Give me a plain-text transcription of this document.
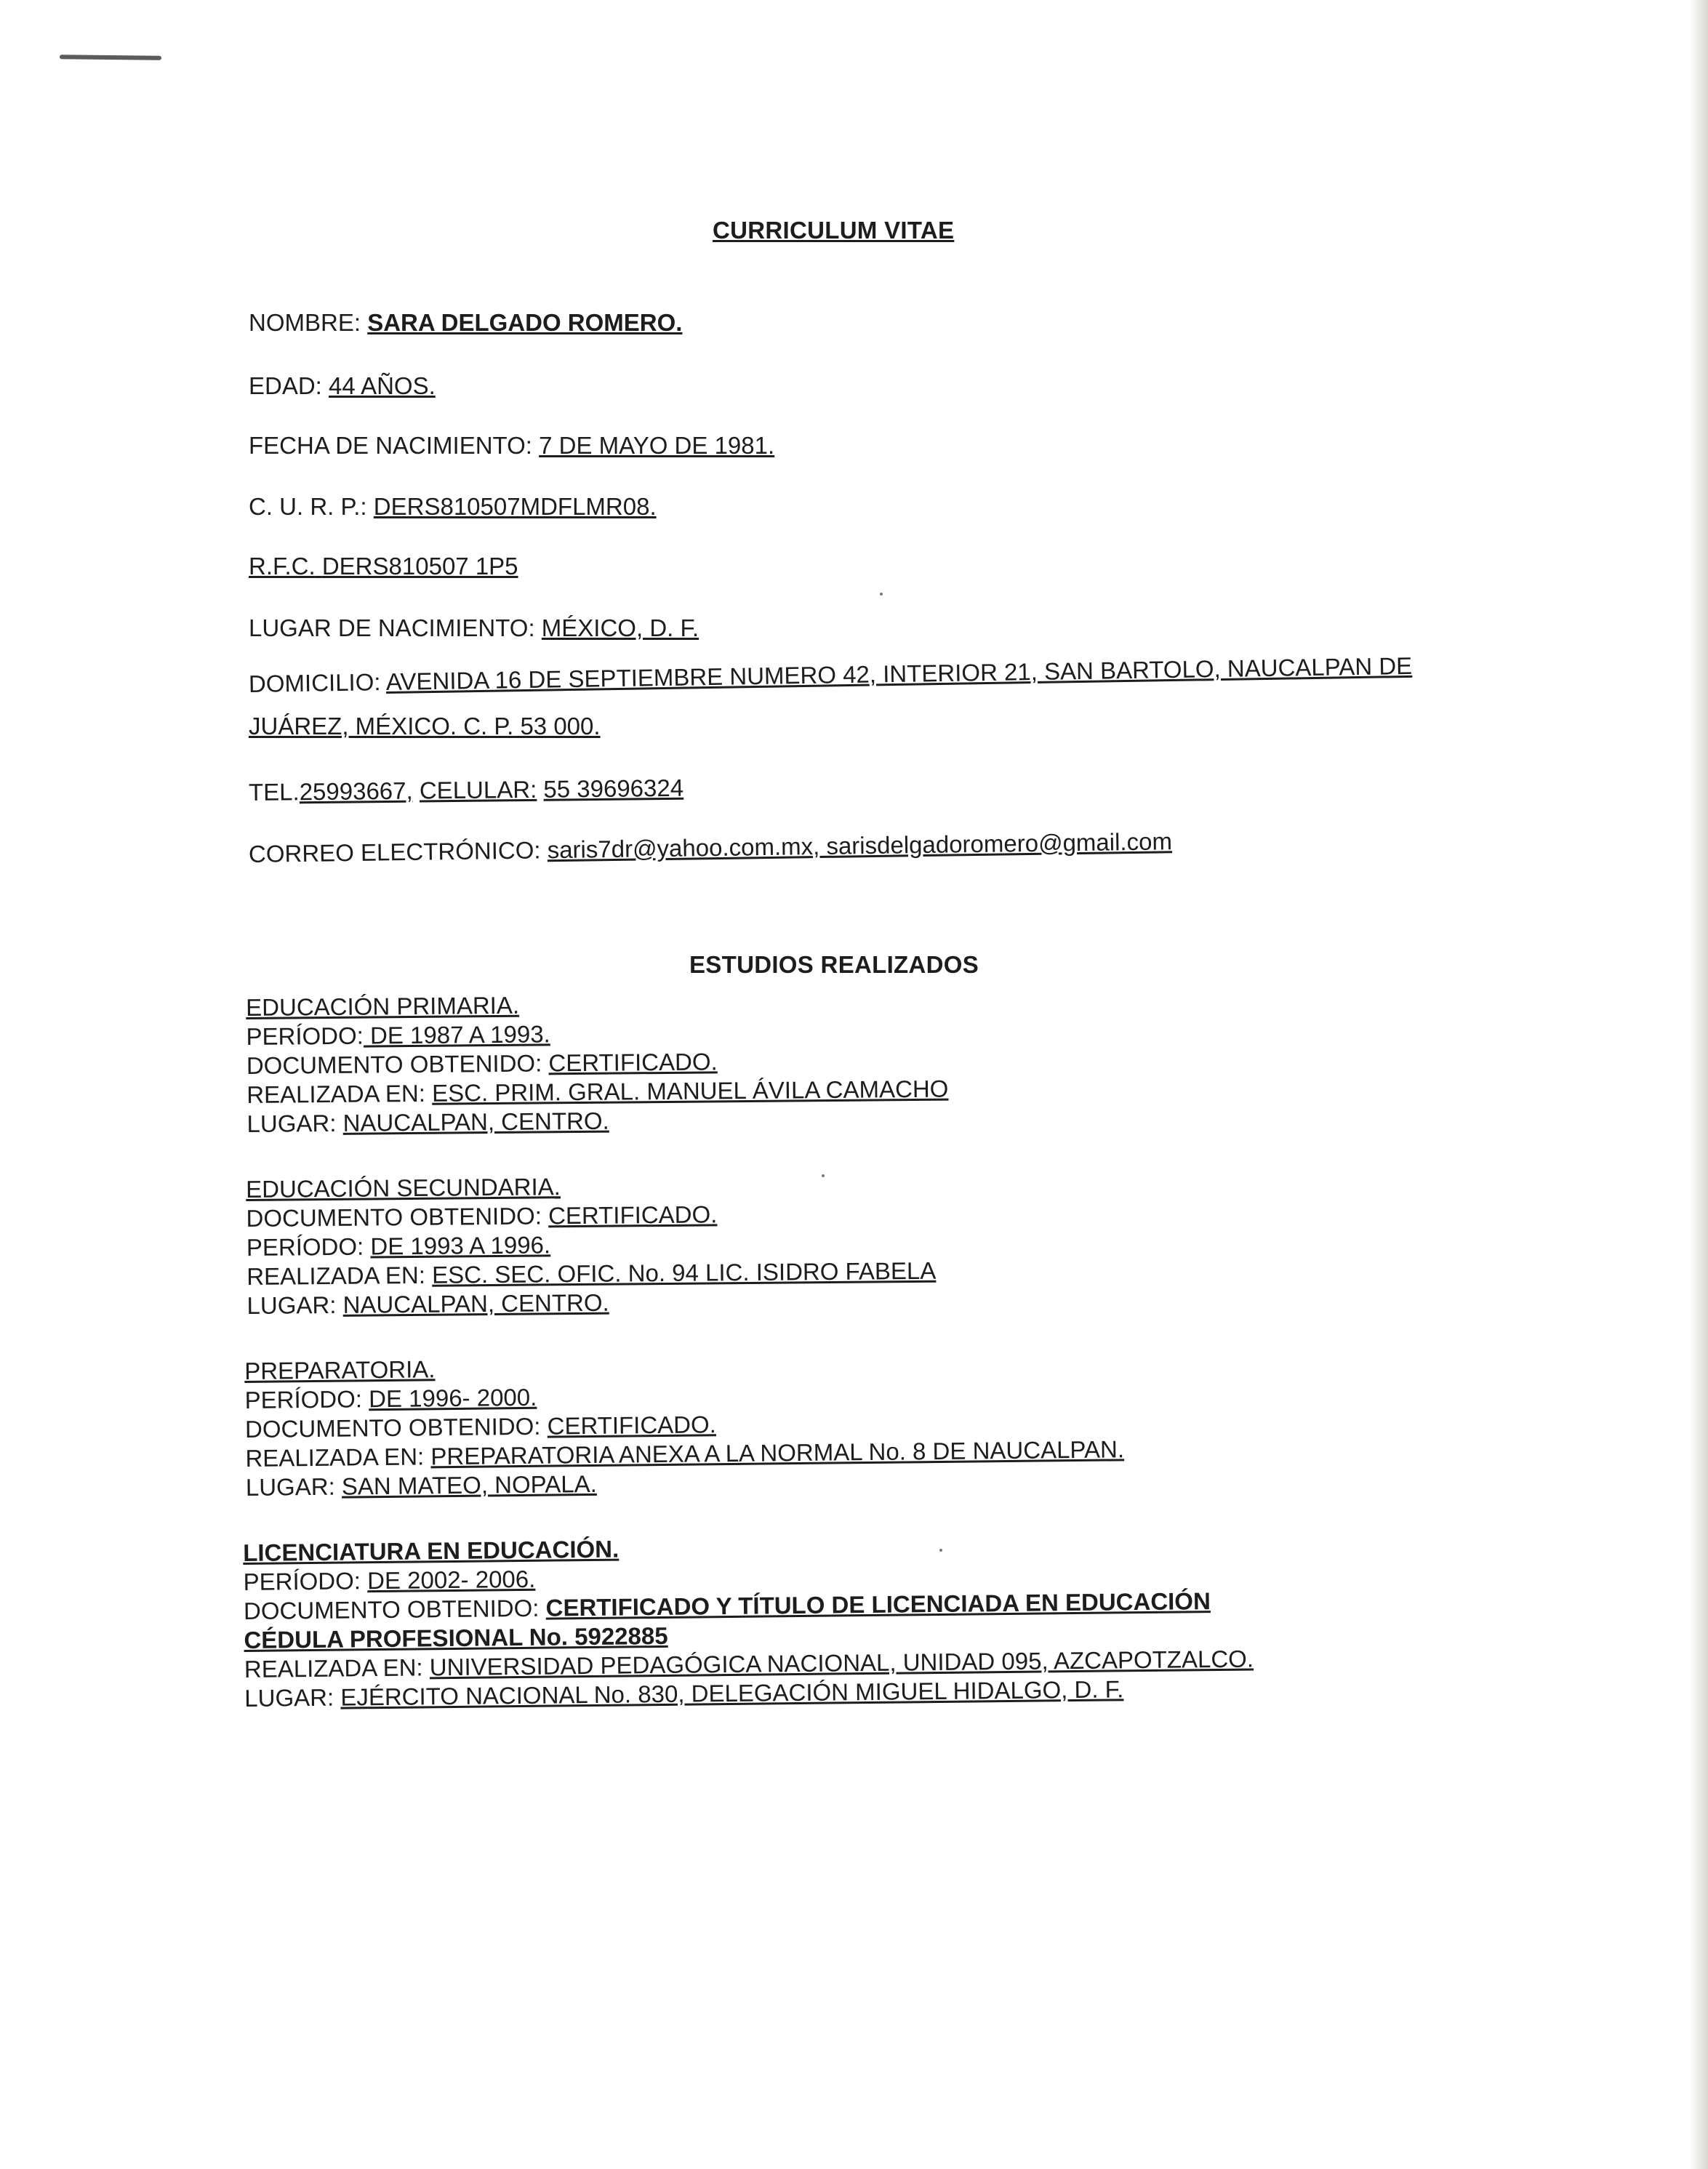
CURRICULUM VITAE
NOMBRE: SARA DELGADO ROMERO.
EDAD: 44 AÑOS.
FECHA DE NACIMIENTO: 7 DE MAYO DE 1981.
C. U. R. P.: DERS810507MDFLMR08.
R.F.C. DERS810507 1P5
LUGAR DE NACIMIENTO: MÉXICO, D. F.
DOMICILIO: AVENIDA 16 DE SEPTIEMBRE NUMERO 42, INTERIOR 21, SAN BARTOLO, NAUCALPAN DE
JUÁREZ, MÉXICO. C. P. 53 000.
TEL.25993667, CELULAR: 55 39696324
CORREO ELECTRÓNICO: saris7dr@yahoo.com.mx, sarisdelgadoromero@gmail.com
ESTUDIOS REALIZADOS
EDUCACIÓN PRIMARIA.
PERÍODO: DE 1987 A 1993.
DOCUMENTO OBTENIDO: CERTIFICADO.
REALIZADA EN: ESC. PRIM. GRAL. MANUEL ÁVILA CAMACHO
LUGAR: NAUCALPAN, CENTRO.
EDUCACIÓN SECUNDARIA.
DOCUMENTO OBTENIDO: CERTIFICADO.
PERÍODO: DE 1993 A 1996.
REALIZADA EN: ESC. SEC. OFIC. No. 94 LIC. ISIDRO FABELA
LUGAR: NAUCALPAN, CENTRO.
PREPARATORIA.
PERÍODO: DE 1996- 2000.
DOCUMENTO OBTENIDO: CERTIFICADO.
REALIZADA EN: PREPARATORIA ANEXA A LA NORMAL No. 8 DE NAUCALPAN.
LUGAR: SAN MATEO, NOPALA.
LICENCIATURA EN EDUCACIÓN.
PERÍODO: DE 2002- 2006.
DOCUMENTO OBTENIDO: CERTIFICADO Y TÍTULO DE LICENCIADA EN EDUCACIÓN
CÉDULA PROFESIONAL No. 5922885
REALIZADA EN: UNIVERSIDAD PEDAGÓGICA NACIONAL, UNIDAD 095, AZCAPOTZALCO.
LUGAR: EJÉRCITO NACIONAL No. 830, DELEGACIÓN MIGUEL HIDALGO, D. F.
